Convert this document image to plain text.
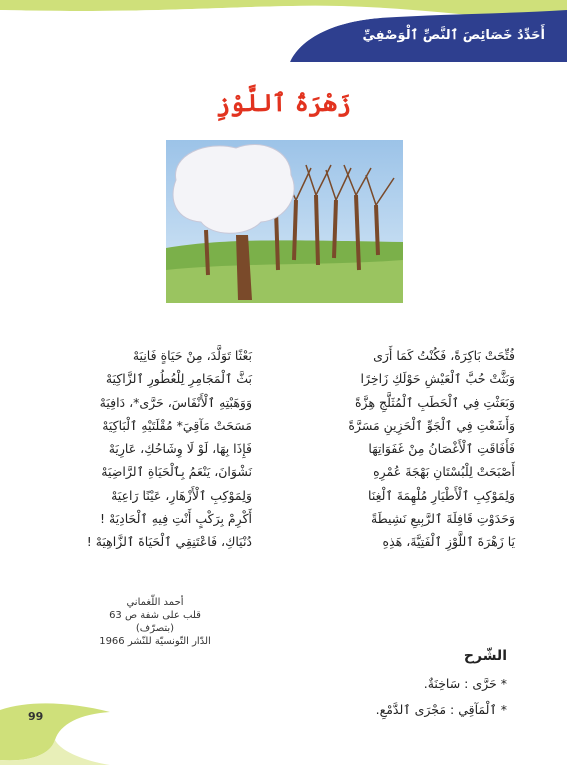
أَحَدِّدُ خَصَائِصَ ٱلنَّصِّ ٱلْوَصْفِيِّ
زَهْرَةُ ٱللَّوْزِ
فُتِّحَتْ بَاكِرَةً، فَكُنْتُ كَمَا أَرَى
وَبَثَّتْ حُبَّ ٱلْعَيْشِ حَوْلَكِ زَاخِرًا
وَبَعَثْتِ فِي ٱلْحَطَبِ ٱلْمُثَلَّجِ هِزَّةً
وَأَشَعْتِ فِي ٱلْجَوِّ ٱلْحَزِينِ مَسَرَّةً
فَأَفَاقَتِ ٱلْأَغْصَانُ مِنْ غَفَوَاتِهَا
أَصْبَحَتْ لِلْبُسْتَانِ بَهْجَةَ عُمْرِهِ
وَلِمَوْكِبِ ٱلْأَطْيَارِ مُلْهِمَةَ ٱلْغِنَا
وَحَدَوْتِ قَافِلَةَ ٱلرَّبِيعِ نَشِيطَةً
يَا زَهْرَةَ ٱللَّوْزِ ٱلْفَتِيَّةَ، هَذِهِ
بَعْثًا تَوَلَّدَ، مِنْ حَيَاةٍ فَانِيَهْ
بَثَّ ٱلْمَجَامِرِ لِلْعُطُورِ ٱلزَّاكِيَهْ
وَوَهَبْتِهِ ٱلْأَنْفَاسَ، حَرَّى*، دَافِيَهْ
مَسَحَتْ مَآقِيَ* مُقْلَتَيْهِ ٱلْبَاكِيَهْ
فَإِذَا بِهَا، لَوْ لَا وِشَاحُكِ، عَارِيَهْ
نَشْوَانَ، يَنْعَمُ بِٱلْحَيَاةِ ٱلرَّاضِيَهْ
وَلِمَوْكِبِ ٱلْأَزْهَارِ، عَيْنًا رَاعِيَهْ
أَكْرِمْ بِرَكْبٍ أَنْتِ فِيهِ ٱلْحَادِيَهْ !
دُنْيَاكِ، فَاعْتَنِقِي ٱلْحَيَاةَ ٱلزَّاهِيَهْ !
أحمد اللّغماني
قلب على شفة ص 63 (بتصرّف)
الدّار التّونسيّة للنّشر 1966
الشّرح
* حَرَّى : سَاخِنَةٌ.
* ٱلْمَآقِي : مَجْرَى ٱلدَّمْعِ.
99
